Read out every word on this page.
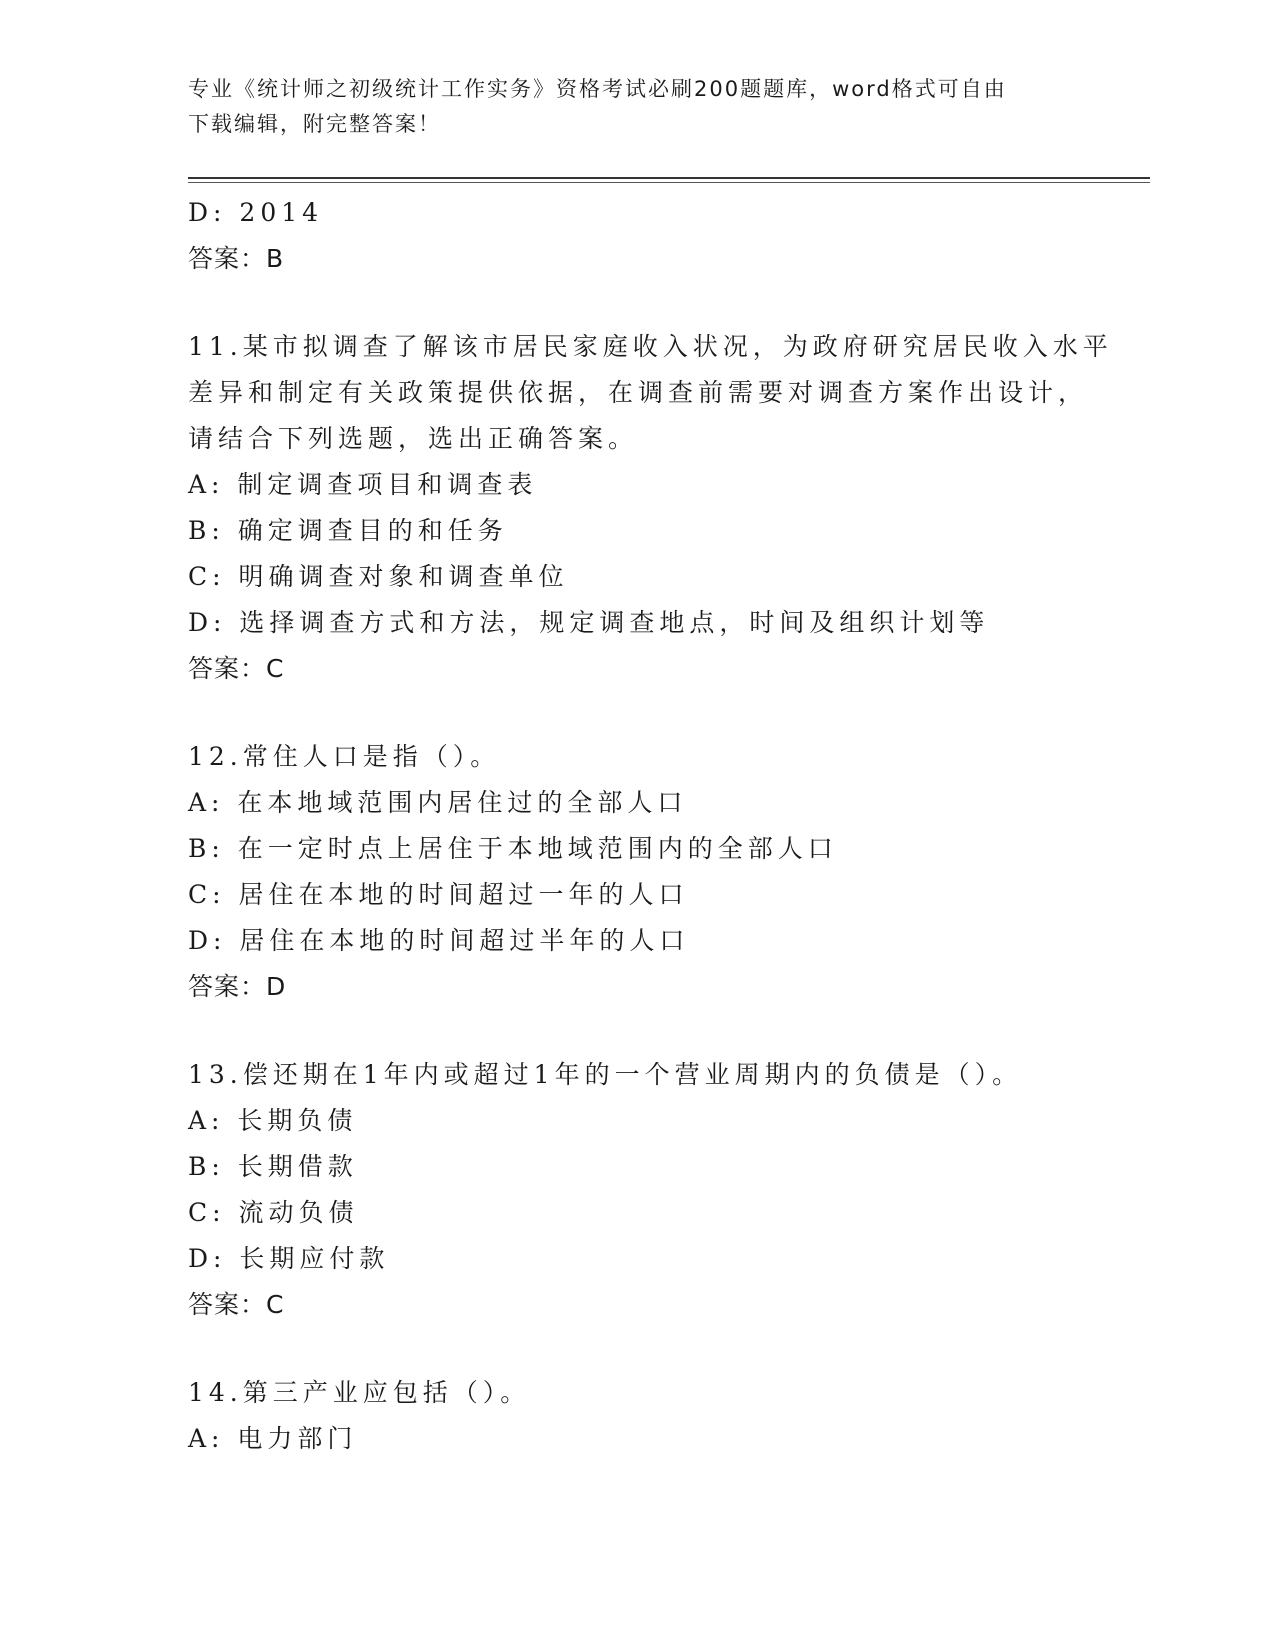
专业《统计师之初级统计工作实务》资格考试必刷200题题库，word格式可自由
下载编辑，附完整答案！
D: 2014
答案：B
11.某市拟调查了解该市居民家庭收入状况，为政府研究居民收入水平
差异和制定有关政策提供依据，在调查前需要对调查方案作出设计，
请结合下列选题，选出正确答案。
A: 制定调查项目和调查表
B: 确定调查目的和任务
C: 明确调查对象和调查单位
D: 选择调查方式和方法，规定调查地点，时间及组织计划等
答案：C
12.常住人口是指（）。
A: 在本地域范围内居住过的全部人口
B: 在一定时点上居住于本地域范围内的全部人口
C: 居住在本地的时间超过一年的人口
D: 居住在本地的时间超过半年的人口
答案：D
13.偿还期在1年内或超过1年的一个营业周期内的负债是（）。
A: 长期负债
B: 长期借款
C: 流动负债
D: 长期应付款
答案：C
14.第三产业应包括（）。
A: 电力部门
